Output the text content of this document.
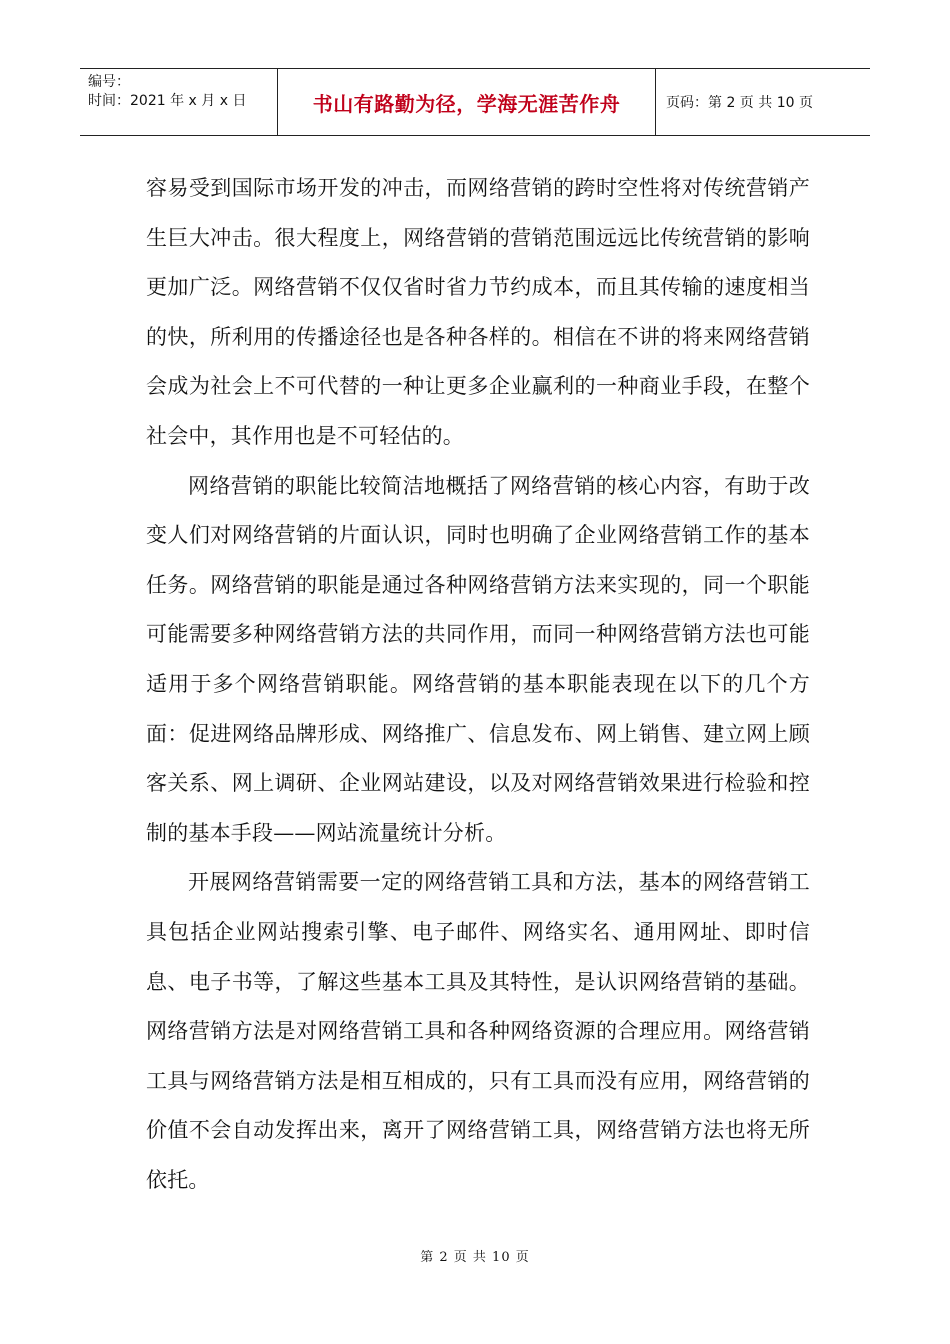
编号：
时间：2021 年 x 月 x 日	书山有路勤为径，学海无涯苦作舟	页码：第 2 页 共 10 页

容易受到国际市场开发的冲击，而网络营销的跨时空性将对传统营销产生巨大冲击。很大程度上，网络营销的营销范围远远比传统营销的影响更加广泛。网络营销不仅仅省时省力节约成本，而且其传输的速度相当的快，所利用的传播途径也是各种各样的。相信在不讲的将来网络营销会成为社会上不可代替的一种让更多企业赢利的一种商业手段，在整个社会中，其作用也是不可轻估的。

网络营销的职能比较简洁地概括了网络营销的核心内容，有助于改变人们对网络营销的片面认识，同时也明确了企业网络营销工作的基本任务。网络营销的职能是通过各种网络营销方法来实现的，同一个职能可能需要多种网络营销方法的共同作用，而同一种网络营销方法也可能适用于多个网络营销职能。网络营销的基本职能表现在以下的几个方面：促进网络品牌形成、网络推广、信息发布、网上销售、建立网上顾客关系、网上调研、企业网站建设，以及对网络营销效果进行检验和控制的基本手段——网站流量统计分析。

开展网络营销需要一定的网络营销工具和方法，基本的网络营销工具包括企业网站搜索引擎、电子邮件、网络实名、通用网址、即时信息、电子书等，了解这些基本工具及其特性，是认识网络营销的基础。网络营销方法是对网络营销工具和各种网络资源的合理应用。网络营销工具与网络营销方法是相互相成的，只有工具而没有应用，网络营销的价值不会自动发挥出来，离开了网络营销工具，网络营销方法也将无所依托。

第 2 页 共 10 页
